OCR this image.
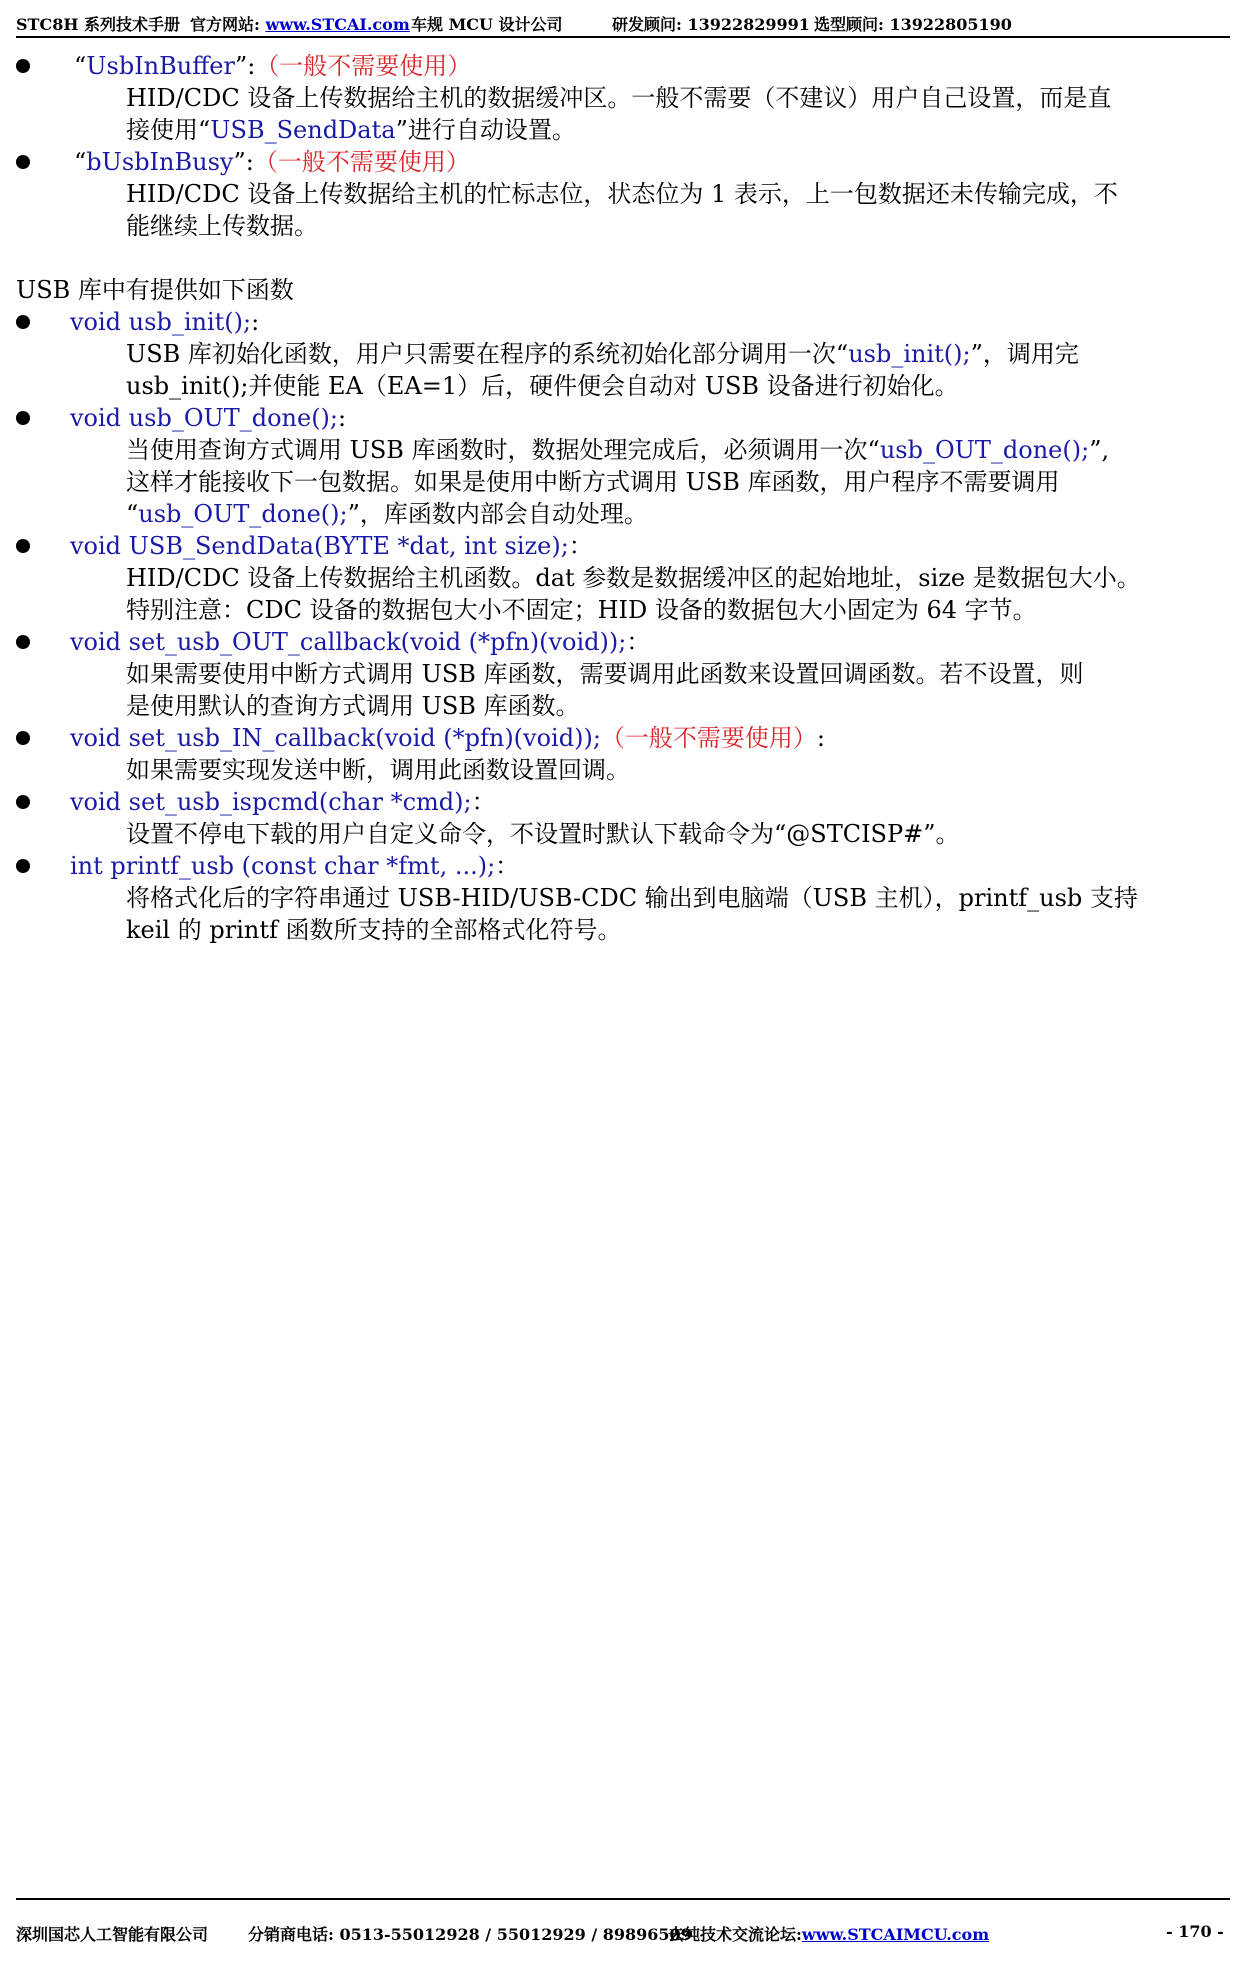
STC8H 系列技术手册 官方网站: www.STCAI.com 车规 MCU 设计公司	研发顾问: 13922829991 选型顾问: 13922805190
“UsbInBuffer”:（一般不需要使用）
HID/CDC 设备上传数据给主机的数据缓冲区。一般不需要（不建议）用户自己设置，而是直
接使用“USB_SendData”进行自动设置。
“bUsbInBusy”:（一般不需要使用）
HID/CDC 设备上传数据给主机的忙标志位，状态位为 1 表示，上一包数据还未传输完成，不
能继续上传数据。
USB 库中有提供如下函数
void usb_init();:
USB 库初始化函数，用户只需要在程序的系统初始化部分调用一次“usb_init();”，调用完
usb_init();并使能 EA（EA=1）后，硬件便会自动对 USB 设备进行初始化。
void usb_OUT_done();:
当使用查询方式调用 USB 库函数时，数据处理完成后，必须调用一次“usb_OUT_done();”,
这样才能接收下一包数据。如果是使用中断方式调用 USB 库函数，用户程序不需要调用
“usb_OUT_done();”，库函数内部会自动处理。
void USB_SendData(BYTE *dat, int size);：
HID/CDC 设备上传数据给主机函数。dat 参数是数据缓冲区的起始地址，size 是数据包大小。
特别注意：CDC 设备的数据包大小不固定；HID 设备的数据包大小固定为 64 字节。
void set_usb_OUT_callback(void (*pfn)(void));：
如果需要使用中断方式调用 USB 库函数，需要调用此函数来设置回调函数。若不设置，则
是使用默认的查询方式调用 USB 库函数。
void set_usb_IN_callback(void (*pfn)(void));（一般不需要使用）:
如果需要实现发送中断，调用此函数设置回调。
void set_usb_ispcmd(char *cmd);：
设置不停电下载的用户自定义命令，不设置时默认下载命令为“@STCISP#”。
int printf_usb (const char *fmt, ...);：
将格式化后的字符串通过 USB-HID/USB-CDC 输出到电脑端（USB 主机），printf_usb 支持
keil 的 printf 函数所支持的全部格式化符号。
深圳国芯人工智能有限公司 分销商电话: 0513-55012928 / 55012929 / 89896509
去纯技术交流论坛:www.STCAIMCU.com	- 170 -
